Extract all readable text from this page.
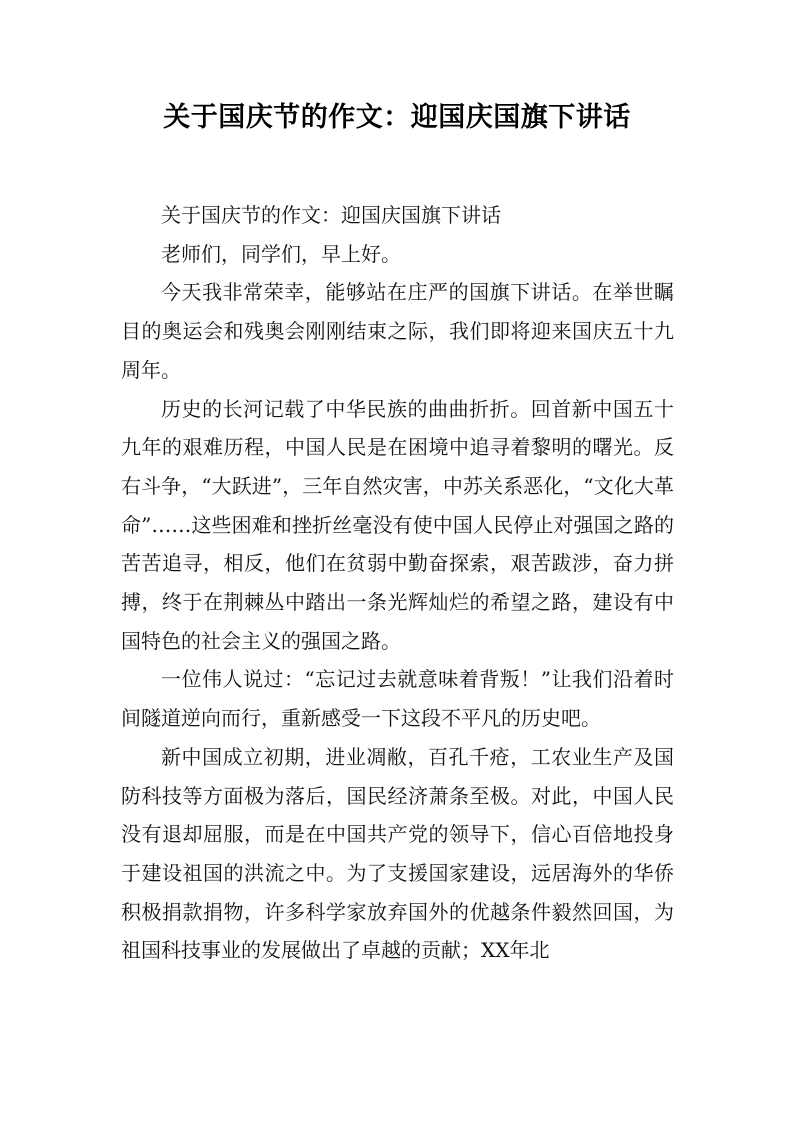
关于国庆节的作文：迎国庆国旗下讲话

关于国庆节的作文：迎国庆国旗下讲话

老师们，同学们，早上好。

今天我非常荣幸，能够站在庄严的国旗下讲话。在举世瞩目的奥运会和残奥会刚刚结束之际，我们即将迎来国庆五十九周年。

历史的长河记载了中华民族的曲曲折折。回首新中国五十九年的艰难历程，中国人民是在困境中追寻着黎明的曙光。反右斗争，“大跃进”，三年自然灾害，中苏关系恶化，“文化大革命”……这些困难和挫折丝毫没有使中国人民停止对强国之路的苦苦追寻，相反，他们在贫弱中勤奋探索，艰苦跋涉，奋力拼搏，终于在荆棘丛中踏出一条光辉灿烂的希望之路，建设有中国特色的社会主义的强国之路。

一位伟人说过：“忘记过去就意味着背叛！”让我们沿着时间隧道逆向而行，重新感受一下这段不平凡的历史吧。

新中国成立初期，进业凋敝，百孔千疮，工农业生产及国防科技等方面极为落后，国民经济萧条至极。对此，中国人民没有退却屈服，而是在中国共产党的领导下，信心百倍地投身于建设祖国的洪流之中。为了支援国家建设，远居海外的华侨积极捐款捐物，许多科学家放弃国外的优越条件毅然回国，为祖国科技事业的发展做出了卓越的贡献；XX年北
